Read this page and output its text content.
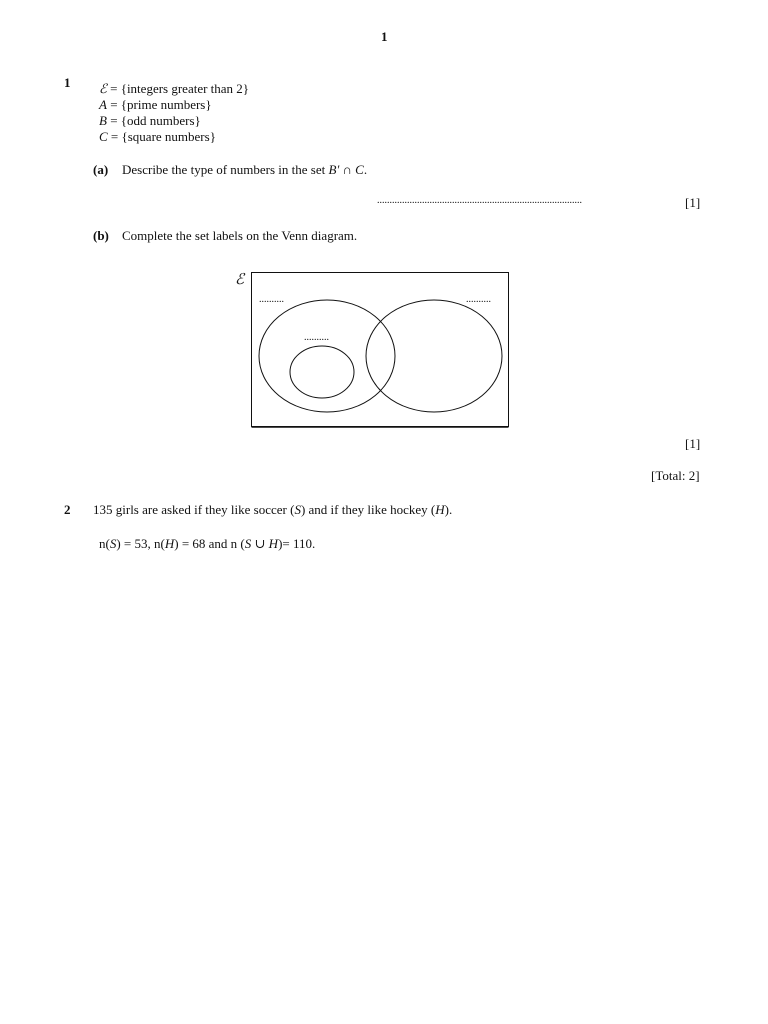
1
1 ℰ = {integers greater than 2}
A = {prime numbers}
B = {odd numbers}
C = {square numbers}
(a) Describe the type of numbers in the set B′ ∩ C.
..................................................................................	[1]
(b) Complete the set labels on the Venn diagram.
ℰ
..........
..........
..........
[1]
[Total: 2]
2 135 girls are asked if they like soccer (S) and if they like hockey (H).
n(S) = 53, n(H) = 68 and n (S ∪ H)= 110.
